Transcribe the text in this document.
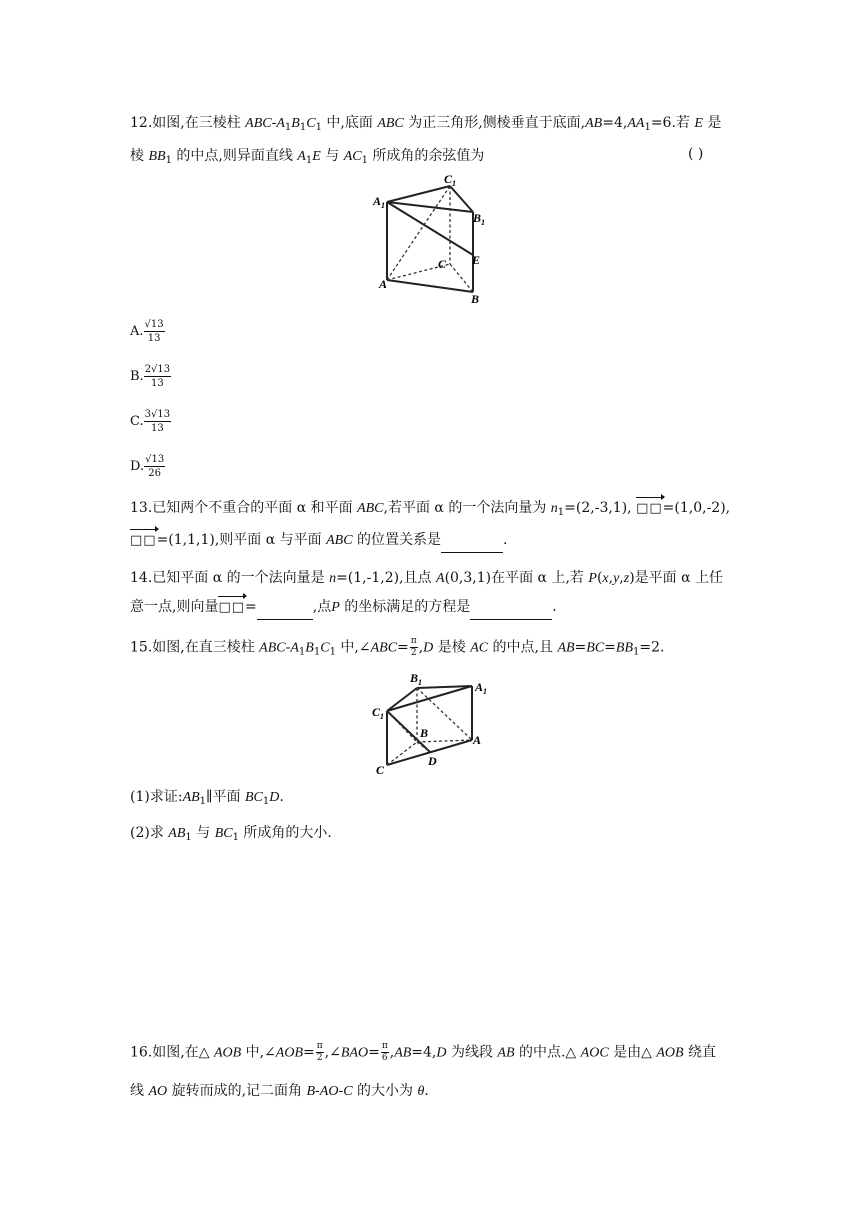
12.如图,在三棱柱 ABC-$A_1B_1C_1$ 中,底面 ABC 为正三角形,侧棱垂直于底面$,AB=4,AA_1=6$.若 E 是
棱 $BB_1$ 的中点,则异面直线 $A_1E$ 与 $AC_1$ 所成角的余弦值为	( )
$A_1$
$C_1$
$B_1$
C E
A
B
A. $\frac{√13}{13}$
B. $\frac{2√13}{13}$
C. $\frac{3√13}{13}$
D. $\frac{√13}{26}$
13.已知两个不重合的平面 α 和平面 ABC,若平面 α 的一个法向量为 $n_1=(2,-3,1)$, □□=(1,0,-2),
□□=(1,1,1),则平面 α 与平面 ABC 的位置关系是	.
14.已知平面 α 的一个法向量是 n=(1,-1,2),且点 A(0,3,1)在平面 α 上,若 P(x,y,z)是平面 α 上任
意一点,则向量□□=	,点P 的坐标满足的方程是	.
15.如图,在直三棱柱 ABC-$A_1B_1C_1$ 中,∠ABC= $\frac{\pi}{2} ,D$ 是棱 AC 的中点,且 $AB=BC=BB_1=2$.
$B_1$	$A_1$
$C_1$
B	A
C
D
(1)求证$:AB_1\parallel$平面 $BC_1D$.
(2)求 $AB_1$ 与 $BC_1$ 所成角的大小.
16.如图,在△ AOB 中,∠AOB= $\frac{\pi}{2}$ ,∠BAO= $\frac{\pi}{6} ,AB=4,D$ 为线段 AB 的中点.△ AOC 是由△ AOB 绕直
线 AO 旋转而成的,记二面角 B-AO-C 的大小为 θ.
